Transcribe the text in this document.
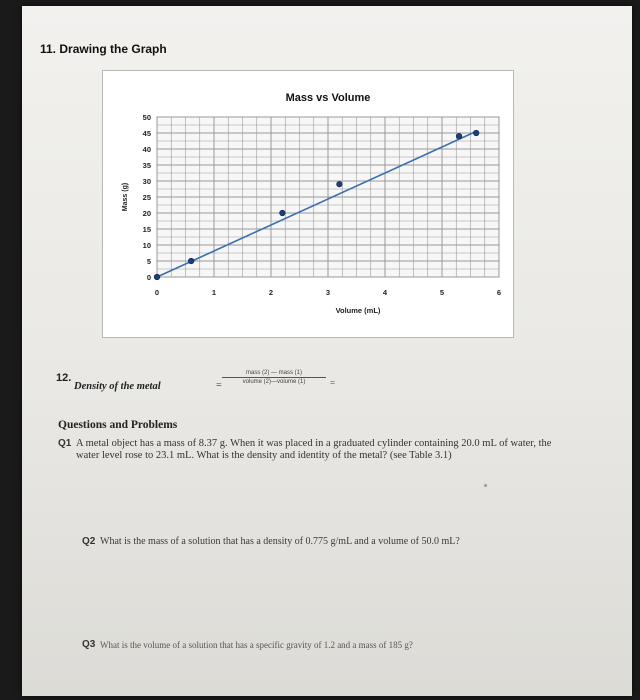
11. Drawing the Graph
Mass vs Volume
0
5
10
15
20
25
30
35
40
45
50
0	1	2	3	4	5	6
Volume (mL)
Mass (g)
12.
Density of the metal	=
mass (2) — mass (1)
volume (2)—volume (1)	=
Questions and Problems
Q1 A metal object has a mass of 8.37 g. When it was placed in a graduated cylinder containing 20.0 mL of water, the water level rose to 23.1 mL. What is the density and identity of the metal? (see Table 3.1)
Q2 What is the mass of a solution that has a density of 0.775 g/mL and a volume of 50.0 mL?
Q3 What is the volume of a solution that has a specific gravity of 1.2 and a mass of 185 g?
